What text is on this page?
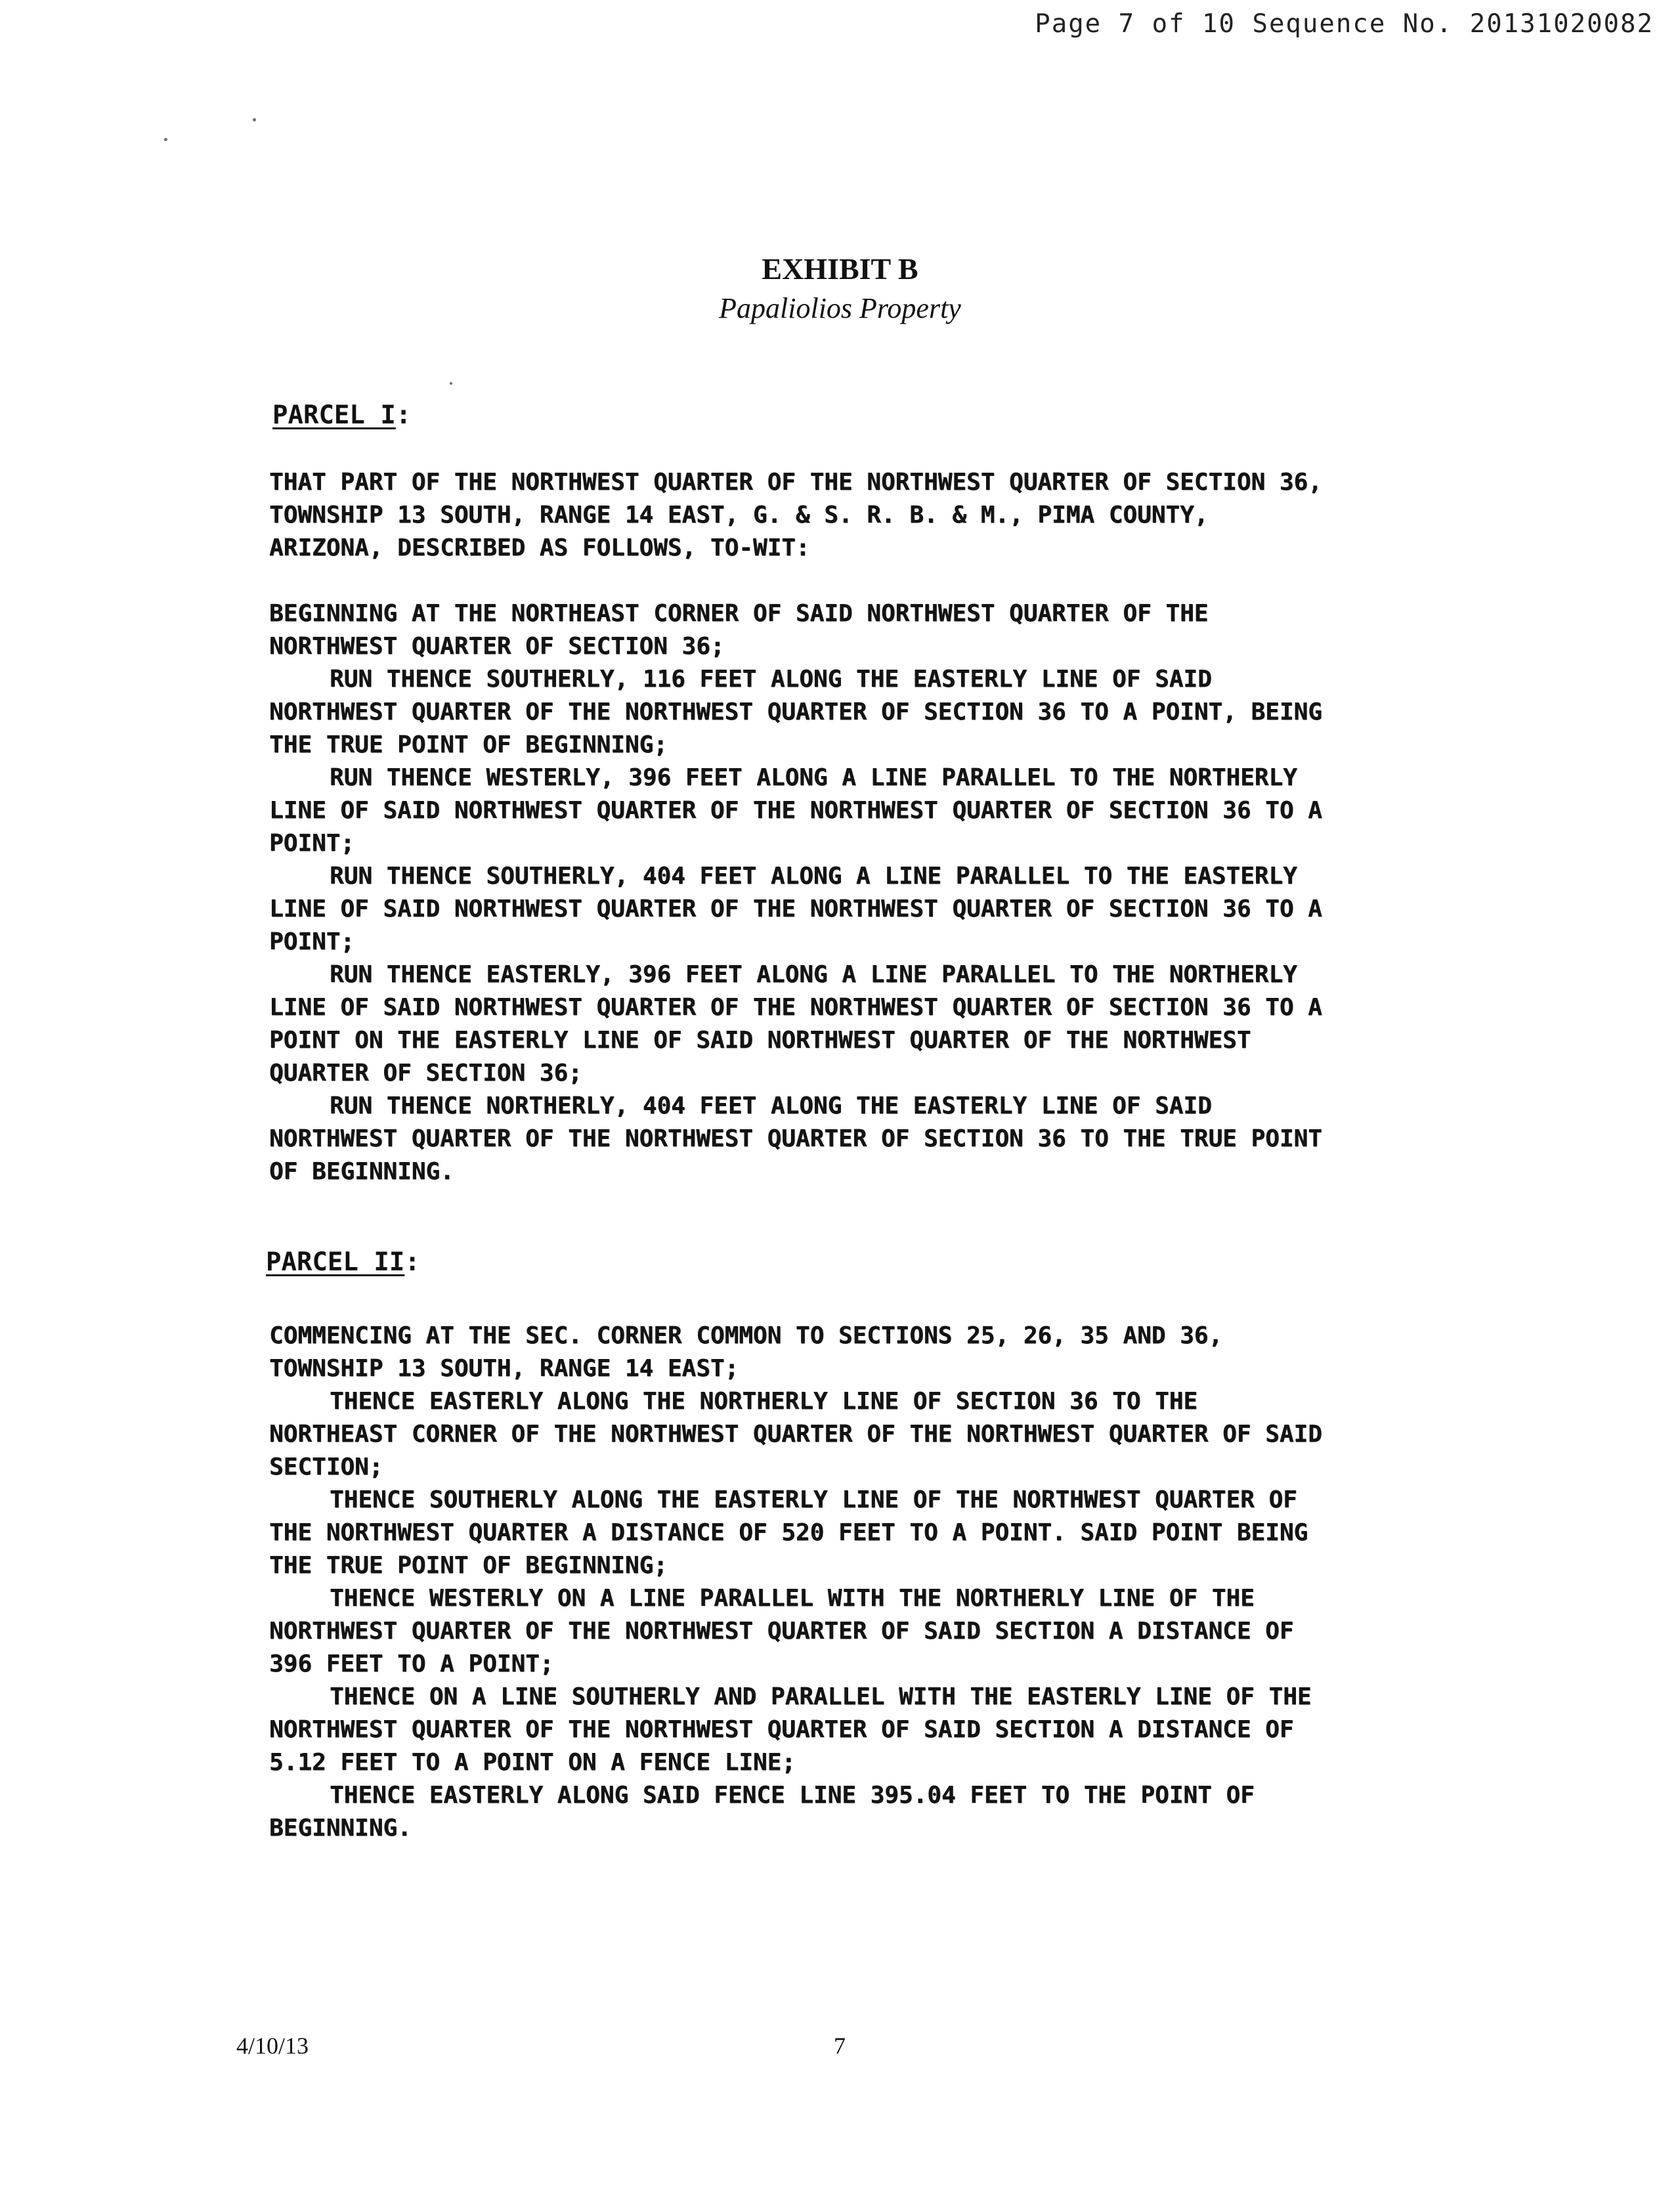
Page 7 of 10 Sequence No. 20131020082
EXHIBIT B
Papaliolios Property
PARCEL I:
THAT PART OF THE NORTHWEST QUARTER OF THE NORTHWEST QUARTER OF SECTION 36,
TOWNSHIP 13 SOUTH, RANGE 14 EAST, G. & S. R. B. & M., PIMA COUNTY,
ARIZONA, DESCRIBED AS FOLLOWS, TO-WIT:
BEGINNING AT THE NORTHEAST CORNER OF SAID NORTHWEST QUARTER OF THE
NORTHWEST QUARTER OF SECTION 36;
RUN THENCE SOUTHERLY, 116 FEET ALONG THE EASTERLY LINE OF SAID
NORTHWEST QUARTER OF THE NORTHWEST QUARTER OF SECTION 36 TO A POINT, BEING
THE TRUE POINT OF BEGINNING;
RUN THENCE WESTERLY, 396 FEET ALONG A LINE PARALLEL TO THE NORTHERLY
LINE OF SAID NORTHWEST QUARTER OF THE NORTHWEST QUARTER OF SECTION 36 TO A
POINT;
RUN THENCE SOUTHERLY, 404 FEET ALONG A LINE PARALLEL TO THE EASTERLY
LINE OF SAID NORTHWEST QUARTER OF THE NORTHWEST QUARTER OF SECTION 36 TO A
POINT;
RUN THENCE EASTERLY, 396 FEET ALONG A LINE PARALLEL TO THE NORTHERLY
LINE OF SAID NORTHWEST QUARTER OF THE NORTHWEST QUARTER OF SECTION 36 TO A
POINT ON THE EASTERLY LINE OF SAID NORTHWEST QUARTER OF THE NORTHWEST
QUARTER OF SECTION 36;
RUN THENCE NORTHERLY, 404 FEET ALONG THE EASTERLY LINE OF SAID
NORTHWEST QUARTER OF THE NORTHWEST QUARTER OF SECTION 36 TO THE TRUE POINT
OF BEGINNING.
PARCEL II:
COMMENCING AT THE SEC. CORNER COMMON TO SECTIONS 25, 26, 35 AND 36,
TOWNSHIP 13 SOUTH, RANGE 14 EAST;
THENCE EASTERLY ALONG THE NORTHERLY LINE OF SECTION 36 TO THE
NORTHEAST CORNER OF THE NORTHWEST QUARTER OF THE NORTHWEST QUARTER OF SAID
SECTION;
THENCE SOUTHERLY ALONG THE EASTERLY LINE OF THE NORTHWEST QUARTER OF
THE NORTHWEST QUARTER A DISTANCE OF 520 FEET TO A POINT. SAID POINT BEING
THE TRUE POINT OF BEGINNING;
THENCE WESTERLY ON A LINE PARALLEL WITH THE NORTHERLY LINE OF THE
NORTHWEST QUARTER OF THE NORTHWEST QUARTER OF SAID SECTION A DISTANCE OF
396 FEET TO A POINT;
THENCE ON A LINE SOUTHERLY AND PARALLEL WITH THE EASTERLY LINE OF THE
NORTHWEST QUARTER OF THE NORTHWEST QUARTER OF SAID SECTION A DISTANCE OF
5.12 FEET TO A POINT ON A FENCE LINE;
THENCE EASTERLY ALONG SAID FENCE LINE 395.04 FEET TO THE POINT OF
BEGINNING.
4/10/13	7
